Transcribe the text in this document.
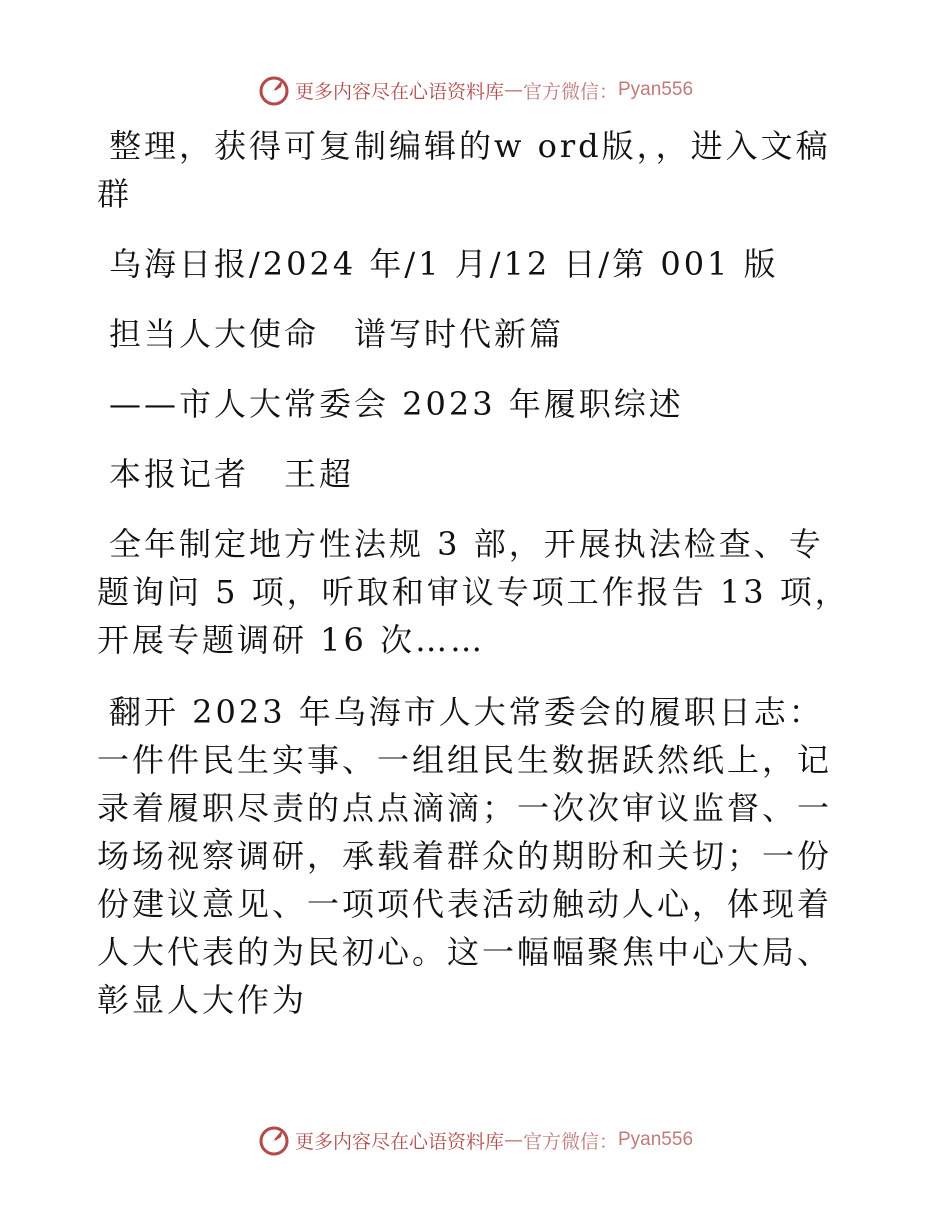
更多内容尽在心语资料库 — 官方微信： Pyan556

整理，获得可复制编辑的w ord版，，进入文稿群

乌海日报/2024 年/1 月/12 日/第 001 版

担当人大使命　谱写时代新篇

——市人大常委会 2023 年履职综述

本报记者　王超

全年制定地方性法规 3 部，开展执法检查、专题询问 5 项，听取和审议专项工作报告 13 项，开展专题调研 16 次……

翻开 2023 年乌海市人大常委会的履职日志：一件件民生实事、一组组民生数据跃然纸上，记录着履职尽责的点点滴滴；一次次审议监督、一场场视察调研，承载着群众的期盼和关切；一份份建议意见、一项项代表活动触动人心，体现着人大代表的为民初心。这一幅幅聚焦中心大局、彰显人大作为

更多内容尽在心语资料库 — 官方微信： Pyan556
